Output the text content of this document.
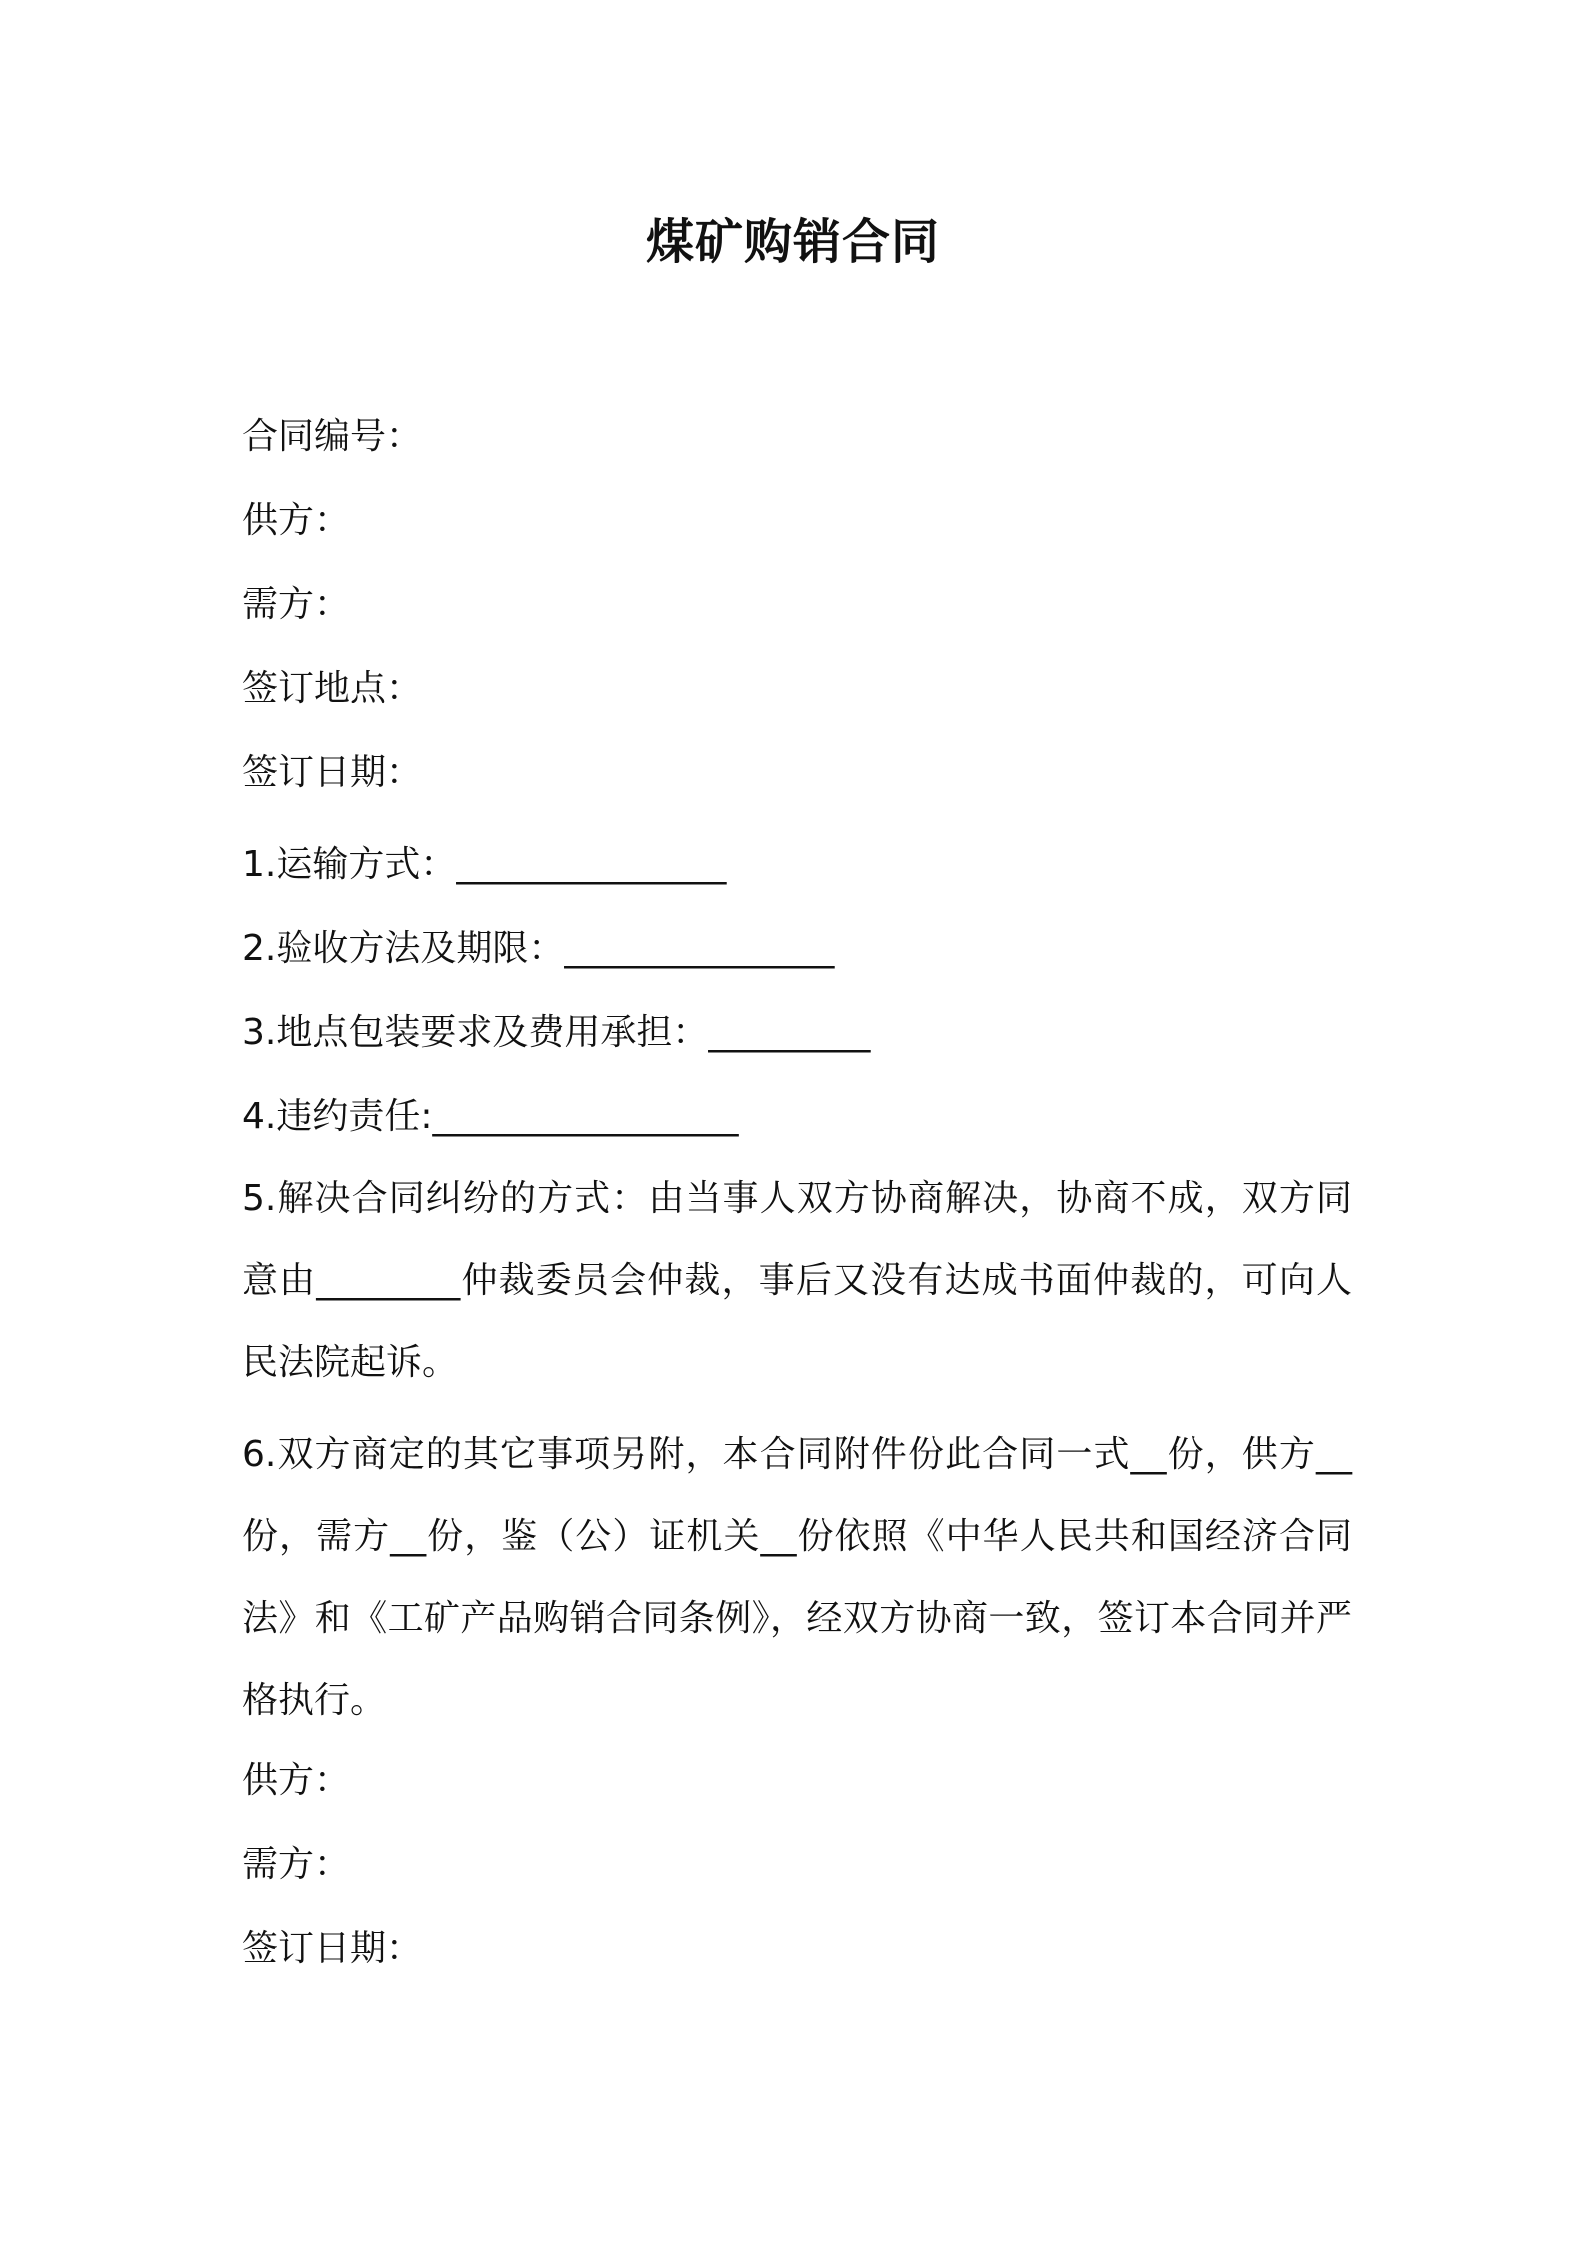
煤矿购销合同
合同编号：
供方：
需方：
签订地点：
签订日期：
1.运输方式：_______________
2.验收方法及期限：_______________
3.地点包装要求及费用承担：_________
4.违约责任:_________________
5.解决合同纠纷的方式：由当事人双方协商解决，协商不成，双方同意由________仲裁委员会仲裁，事后又没有达成书面仲裁的，可向人民法院起诉。
6.双方商定的其它事项另附，本合同附件份此合同一式__份，供方__份，需方__份，鉴（公）证机关__份依照《中华人民共和国经济合同法》和《工矿产品购销合同条例》，经双方协商一致，签订本合同并严格执行。
供方：
需方：
签订日期：
